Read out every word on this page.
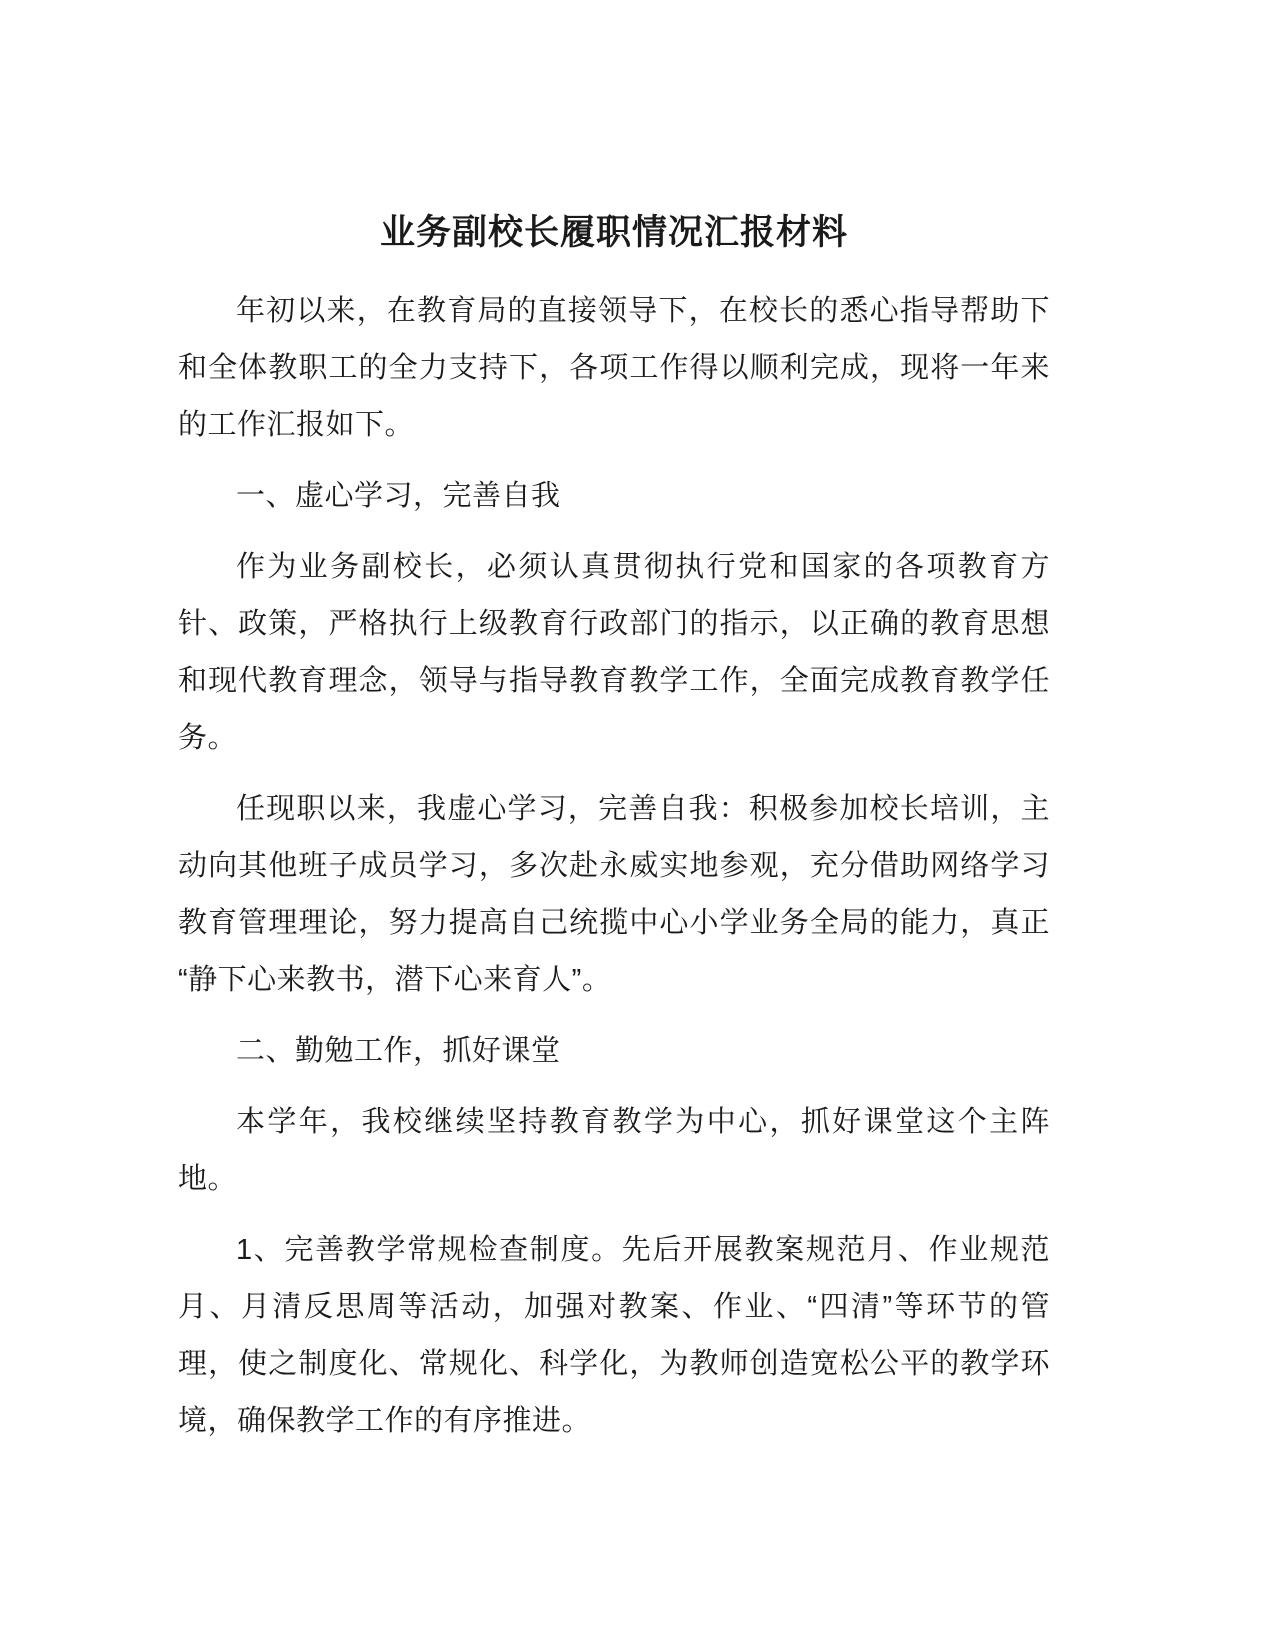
业务副校长履职情况汇报材料

年初以来，在教育局的直接领导下，在校长的悉心指导帮助下和全体教职工的全力支持下，各项工作得以顺利完成，现将一年来的工作汇报如下。

一、虚心学习，完善自我

作为业务副校长，必须认真贯彻执行党和国家的各项教育方针、政策，严格执行上级教育行政部门的指示，以正确的教育思想和现代教育理念，领导与指导教育教学工作，全面完成教育教学任务。

任现职以来，我虚心学习，完善自我：积极参加校长培训，主动向其他班子成员学习，多次赴永威实地参观，充分借助网络学习教育管理理论，努力提高自己统揽中心小学业务全局的能力，真正“静下心来教书，潜下心来育人”。

二、勤勉工作，抓好课堂

本学年，我校继续坚持教育教学为中心，抓好课堂这个主阵地。

1、完善教学常规检查制度。先后开展教案规范月、作业规范月、月清反思周等活动，加强对教案、作业、“四清”等环节的管理，使之制度化、常规化、科学化，为教师创造宽松公平的教学环境，确保教学工作的有序推进。
